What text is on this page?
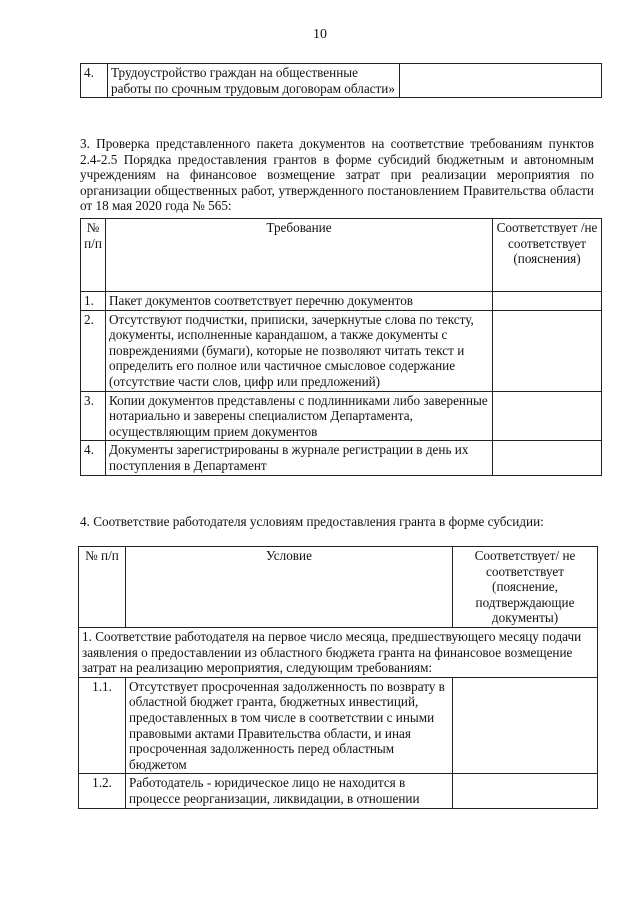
10
4.	Трудоустройство граждан на общественные работы по срочным трудовым договорам области»	
3. Проверка представленного пакета документов на соответствие требованиям пунктов 2.4-2.5 Порядка предоставления грантов в форме субсидий бюджетным и автономным учреждениям на финансовое возмещение затрат при реализации мероприятия по организации общественных работ, утвержденного постановлением Правительства области от 18 мая 2020 года № 565:
№ п/п	Требование	Соответствует /не соответствует (пояснения)
1.	Пакет документов соответствует перечню документов	
2.	Отсутствуют подчистки, приписки, зачеркнутые слова по тексту, документы, исполненные карандашом, а также документы с повреждениями (бумаги), которые не позволяют читать текст и определить его полное или частичное смысловое содержание (отсутствие части слов, цифр или предложений)	
3.	Копии документов представлены с подлинниками либо заверенные нотариально и заверены специалистом Департамента, осуществляющим прием документов	
4.	Документы зарегистрированы в журнале регистрации в день их поступления в Департамент	
4. Соответствие работодателя условиям предоставления гранта в форме субсидии:
№ п/п	Условие	Соответствует/ не соответствует (пояснение, подтверждающие документы)
1. Соответствие работодателя на первое число месяца, предшествующего месяцу подачи заявления о предоставлении из областного бюджета гранта на финансовое возмещение затрат на реализацию мероприятия, следующим требованиям:		
1.1.	Отсутствует просроченная задолженность по возврату в областной бюджет гранта, бюджетных инвестиций, предоставленных в том числе в соответствии с иными правовыми актами Правительства области, и иная просроченная задолженность перед областным бюджетом	
1.2.	Работодатель - юридическое лицо не находится в процессе реорганизации, ликвидации, в отношении	
